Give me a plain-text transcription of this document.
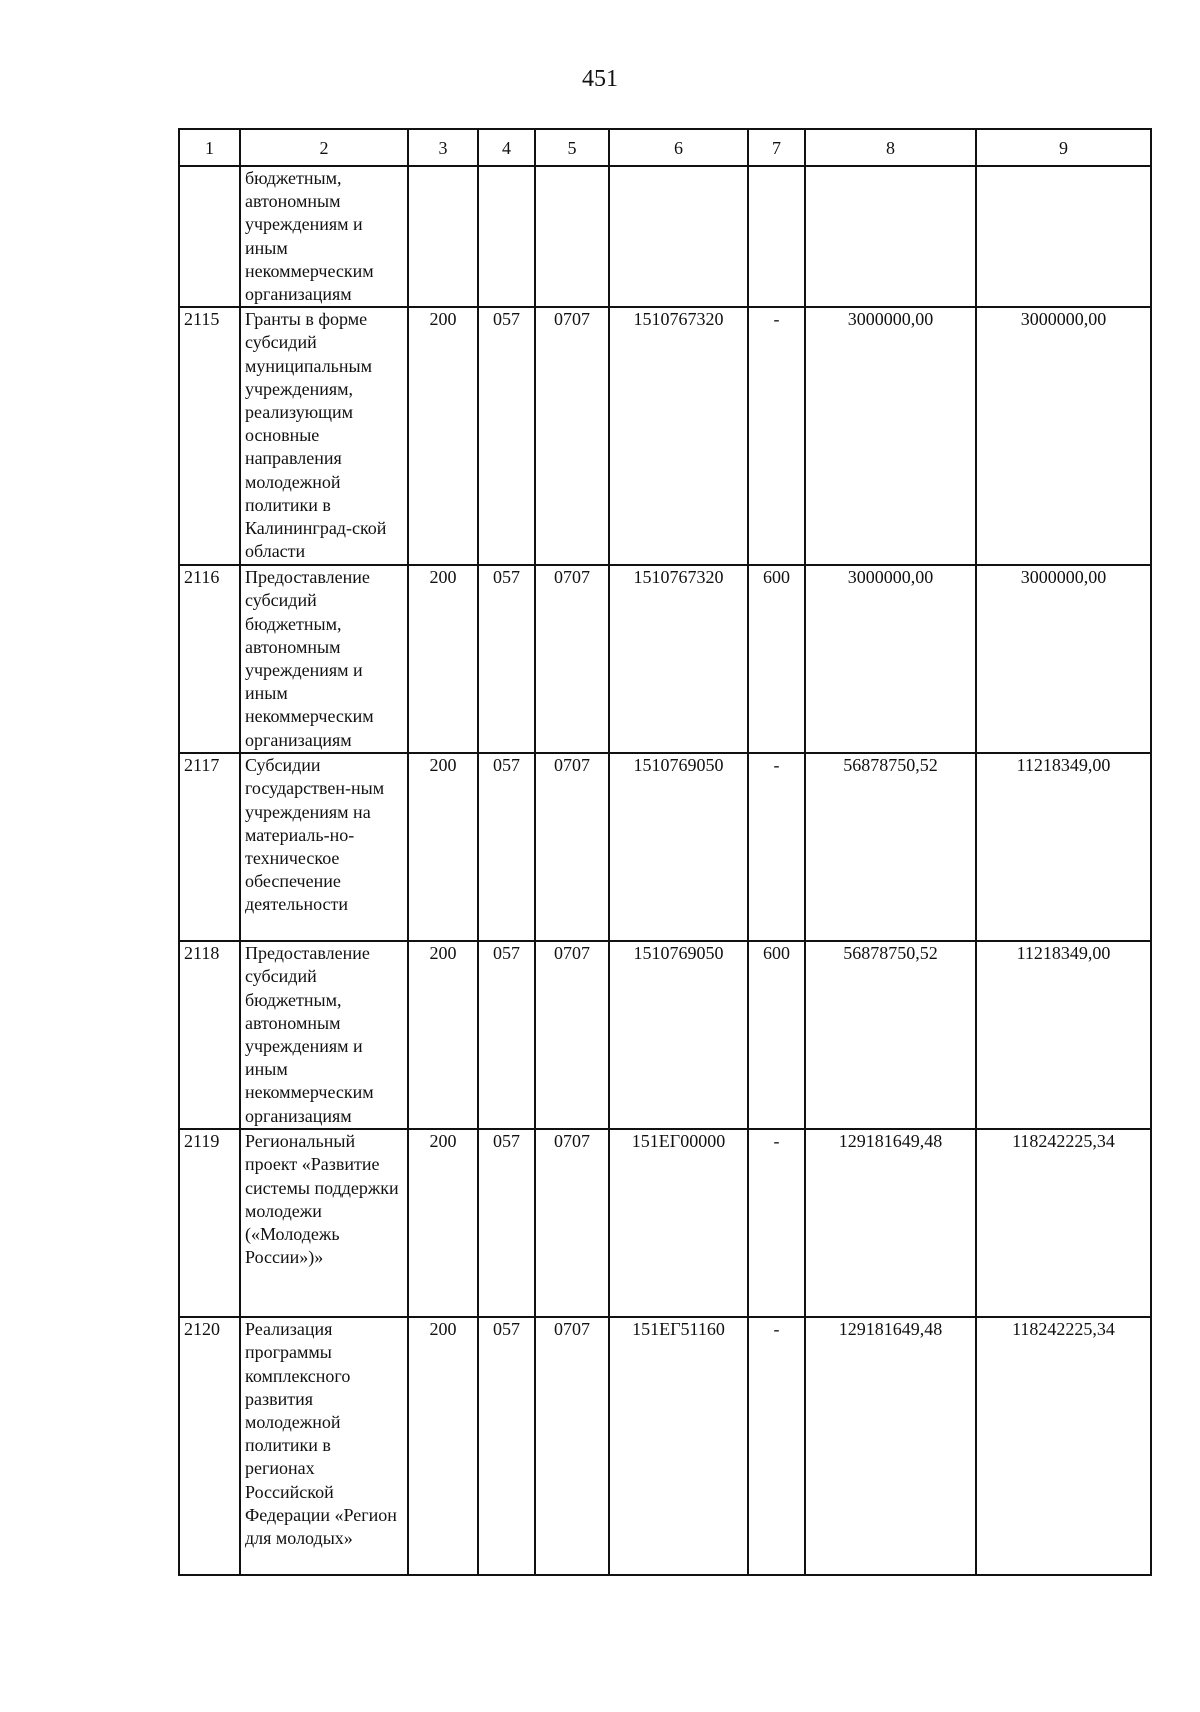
451
1	2	3	4	5	6	7	8	9
	бюджетным, автономным учреждениям и иным некоммерческим организациям							
2115	Гранты в форме субсидий муниципальным учреждениям, реализующим основные направления молодежной политики в Калининград-ской области	200	057	0707	1510767320	-	3000000,00	3000000,00
2116	Предоставление субсидий бюджетным, автономным учреждениям и иным некоммерческим организациям	200	057	0707	1510767320	600	3000000,00	3000000,00
2117	Субсидии государствен-ным учреждениям на материаль-но-техническое обеспечение деятельности	200	057	0707	1510769050	-	56878750,52	11218349,00
2118	Предоставление субсидий бюджетным, автономным учреждениям и иным некоммерческим организациям	200	057	0707	1510769050	600	56878750,52	11218349,00
2119	Региональный проект «Развитие системы поддержки молодежи («Молодежь России»)»	200	057	0707	151ЕГ00000	-	129181649,48	118242225,34
2120	Реализация программы комплексного развития молодежной политики в регионах Российской Федерации «Регион для молодых»	200	057	0707	151ЕГ51160	-	129181649,48	118242225,34
